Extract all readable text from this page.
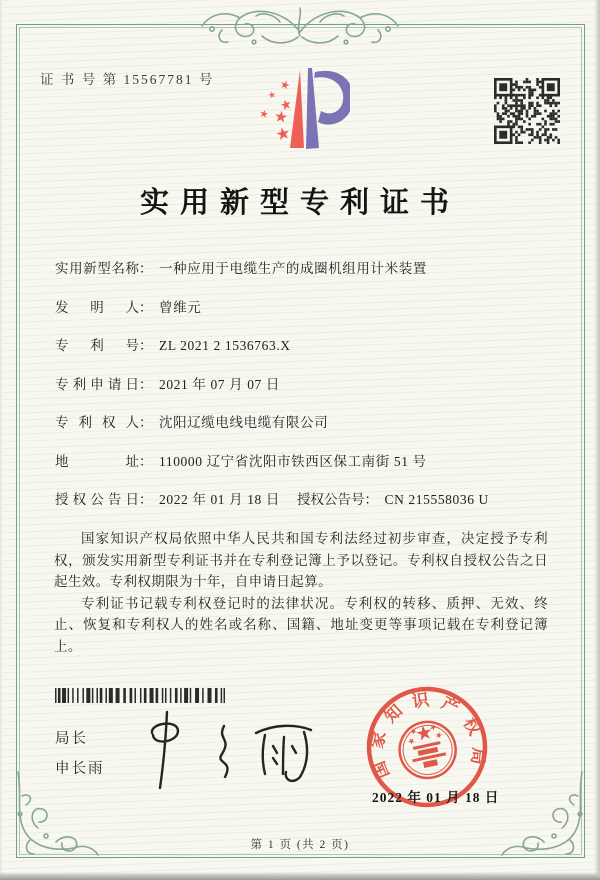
证 书 号 第 15567781 号
实用新型专利证书
实用新型名称： 一种应用于电缆生产的成圈机组用计米装置
发明人： 曾维元
专利号： ZL 2021 2 1536763.X
专利申请日： 2021 年 07 月 07 日
专利权人： 沈阳辽缆电线电缆有限公司
地址： 110000 辽宁省沈阳市铁西区保工南街 51 号
授权公告日： 2022 年 01 月 18 日 授权公告号： CN 215558036 U

国家知识产权局依照中华人民共和国专利法经过初步审查，决定授予专利权，颁发实用新型专利证书并在专利登记簿上予以登记。专利权自授权公告之日起生效。专利权期限为十年，自申请日起算。

专利证书记载专利权登记时的法律状况。专利权的转移、质押、无效、终止、恢复和专利权人的姓名或名称、国籍、地址变更等事项记载在专利登记簿上。

局长
申长雨	国家知识产权局
2022 年 01 月 18 日
第 1 页 (共 2 页)
